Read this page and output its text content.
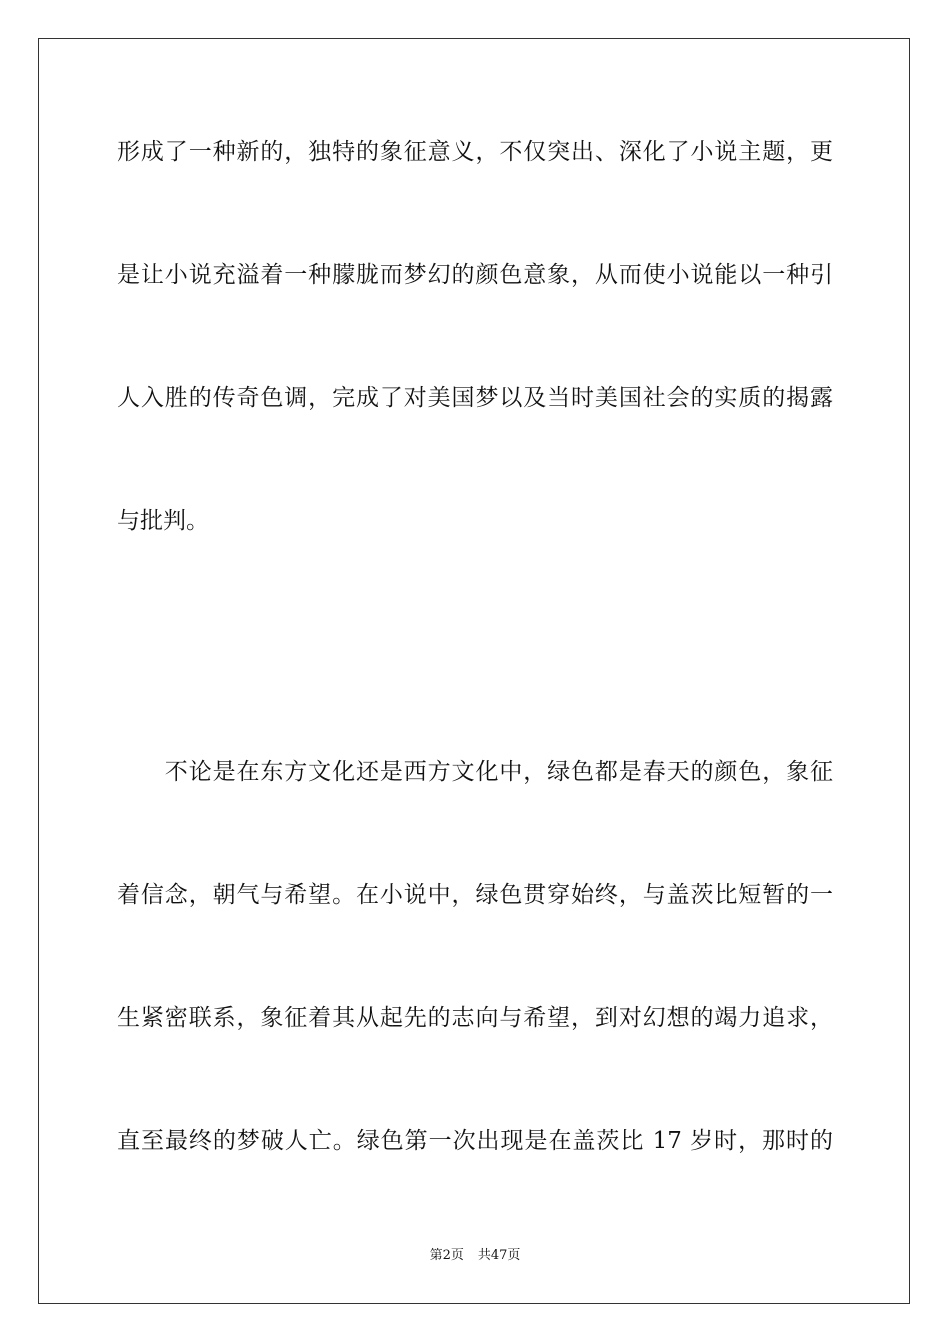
形成了一种新的，独特的象征意义，不仅突出、深化了小说主题，更
是让小说充溢着一种朦胧而梦幻的颜色意象，从而使小说能以一种引
人入胜的传奇色调，完成了对美国梦以及当时美国社会的实质的揭露
与批判。
　　不论是在东方文化还是西方文化中，绿色都是春天的颜色，象征
着信念，朝气与希望。在小说中，绿色贯穿始终，与盖茨比短暂的一
生紧密联系，象征着其从起先的志向与希望，到对幻想的竭力追求，
直至最终的梦破人亡。绿色第一次出现是在盖茨比 17 岁时，那时的
第2页 共47页
